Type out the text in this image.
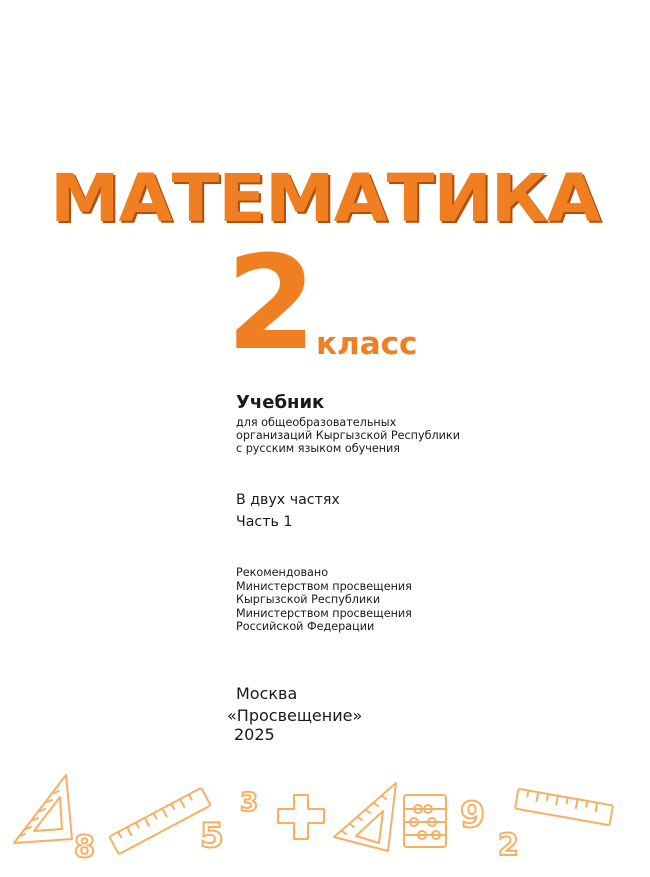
МАТЕМАТИКА
2 класс
Учебник
для общеобразовательных
организаций Кыргызской Республики
с русским языком обучения
В двух частях
Часть 1
Рекомендовано
Министерством просвещения
Кыргызской Республики
Министерством просвещения
Российской Федерации
Москва
«Просвещение»
2025
8	5
3	9
2
